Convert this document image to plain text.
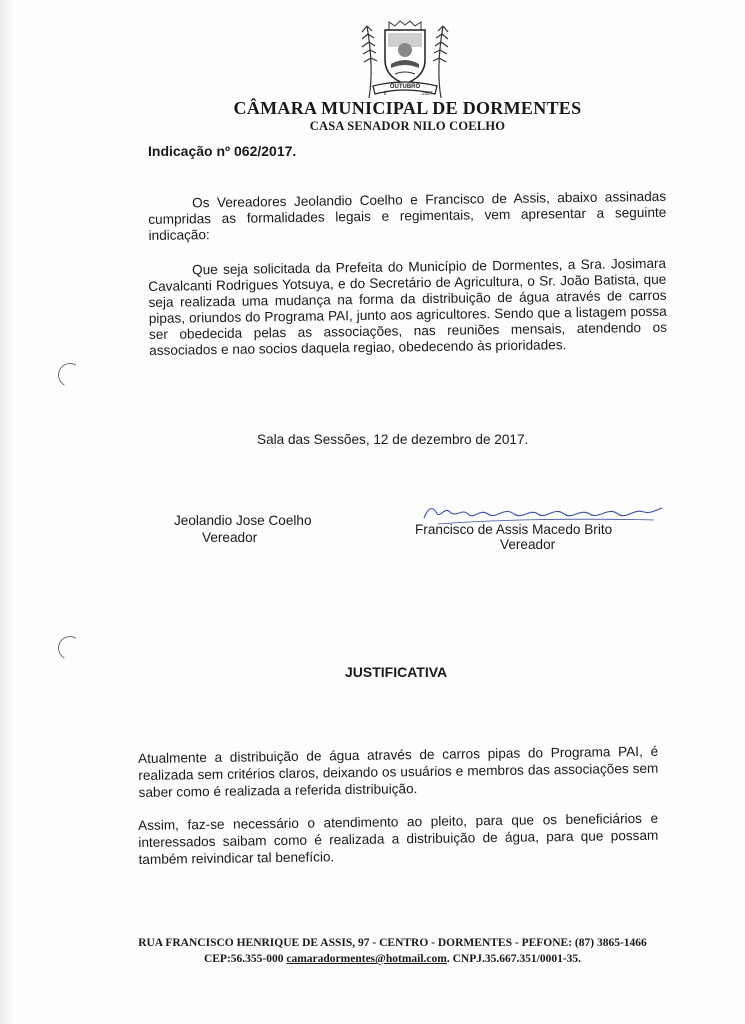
OUTUBRO
6	1927
CÂMARA MUNICIPAL DE DORMENTES
CASA SENADOR NILO COELHO
Indicação nº 062/2017.
Os Vereadores Jeolandio Coelho e Francisco de Assis, abaixo assinadas cumpridas as formalidades legais e regimentais, vem apresentar a seguinte indicação:
Que seja solicitada da Prefeita do Município de Dormentes, a Sra. Josimara Cavalcanti Rodrigues Yotsuya, e do Secretário de Agricultura, o Sr. João Batista, que seja realizada uma mudança na forma da distribuição de água através de carros pipas, oriundos do Programa PAI, junto aos agricultores. Sendo que a listagem possa ser obedecida pelas as associações, nas reuniões mensais, atendendo os associados e nao socios daquela regiao, obedecendo às prioridades.
Sala das Sessões, 12 de dezembro de 2017.
Jeolandio Jose Coelho
Vereador
Francisco de Assis Macedo Brito
Vereador
JUSTIFICATIVA
Atualmente a distribuição de água através de carros pipas do Programa PAI, é realizada sem critérios claros, deixando os usuários e membros das associações sem saber como é realizada a referida distribuição.
Assim, faz-se necessário o atendimento ao pleito, para que os beneficiários e interessados saibam como é realizada a distribuição de água, para que possam também reivindicar tal benefício.
RUA FRANCISCO HENRIQUE DE ASSIS, 97 - CENTRO - DORMENTES - PEFONE: (87) 3865-1466
CEP:56.355-000 camaradormentes@hotmail.com. CNPJ.35.667.351/0001-35.
